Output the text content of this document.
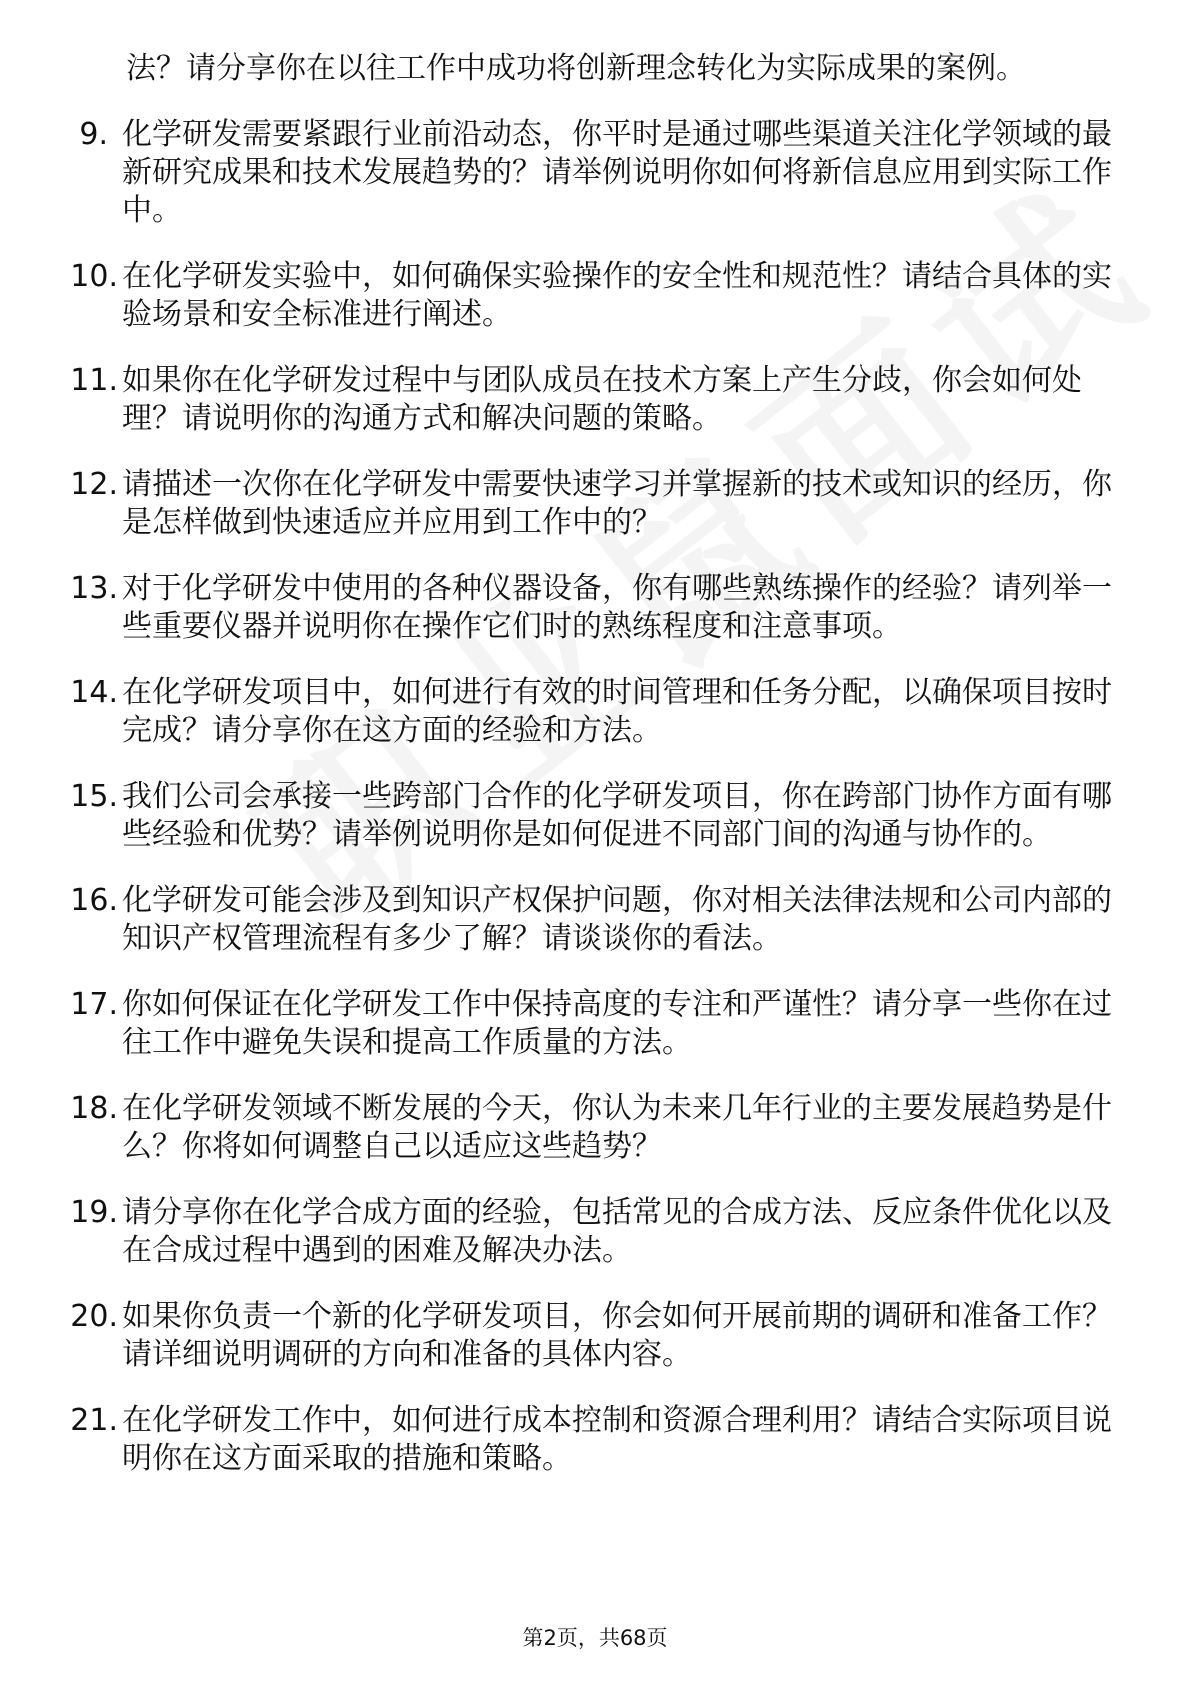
法？请分享你在以往工作中成功将创新理念转化为实际成果的案例。
9. 化学研发需要紧跟行业前沿动态，你平时是通过哪些渠道关注化学领域的最新研究成果和技术发展趋势的？请举例说明你如何将新信息应用到实际工作中。
10. 在化学研发实验中，如何确保实验操作的安全性和规范性？请结合具体的实验场景和安全标准进行阐述。
11. 如果你在化学研发过程中与团队成员在技术方案上产生分歧，你会如何处理？请说明你的沟通方式和解决问题的策略。
12. 请描述一次你在化学研发中需要快速学习并掌握新的技术或知识的经历，你是怎样做到快速适应并应用到工作中的？
13. 对于化学研发中使用的各种仪器设备，你有哪些熟练操作的经验？请列举一些重要仪器并说明你在操作它们时的熟练程度和注意事项。
14. 在化学研发项目中，如何进行有效的时间管理和任务分配，以确保项目按时完成？请分享你在这方面的经验和方法。
15. 我们公司会承接一些跨部门合作的化学研发项目，你在跨部门协作方面有哪些经验和优势？请举例说明你是如何促进不同部门间的沟通与协作的。
16. 化学研发可能会涉及到知识产权保护问题，你对相关法律法规和公司内部的知识产权管理流程有多少了解？请谈谈你的看法。
17. 你如何保证在化学研发工作中保持高度的专注和严谨性？请分享一些你在过往工作中避免失误和提高工作质量的方法。
18. 在化学研发领域不断发展的今天，你认为未来几年行业的主要发展趋势是什么？你将如何调整自己以适应这些趋势？
19. 请分享你在化学合成方面的经验，包括常见的合成方法、反应条件优化以及在合成过程中遇到的困难及解决办法。
20. 如果你负责一个新的化学研发项目，你会如何开展前期的调研和准备工作？请详细说明调研的方向和准备的具体内容。
21. 在化学研发工作中，如何进行成本控制和资源合理利用？请结合实际项目说明你在这方面采取的措施和策略。
第2页，共68页
